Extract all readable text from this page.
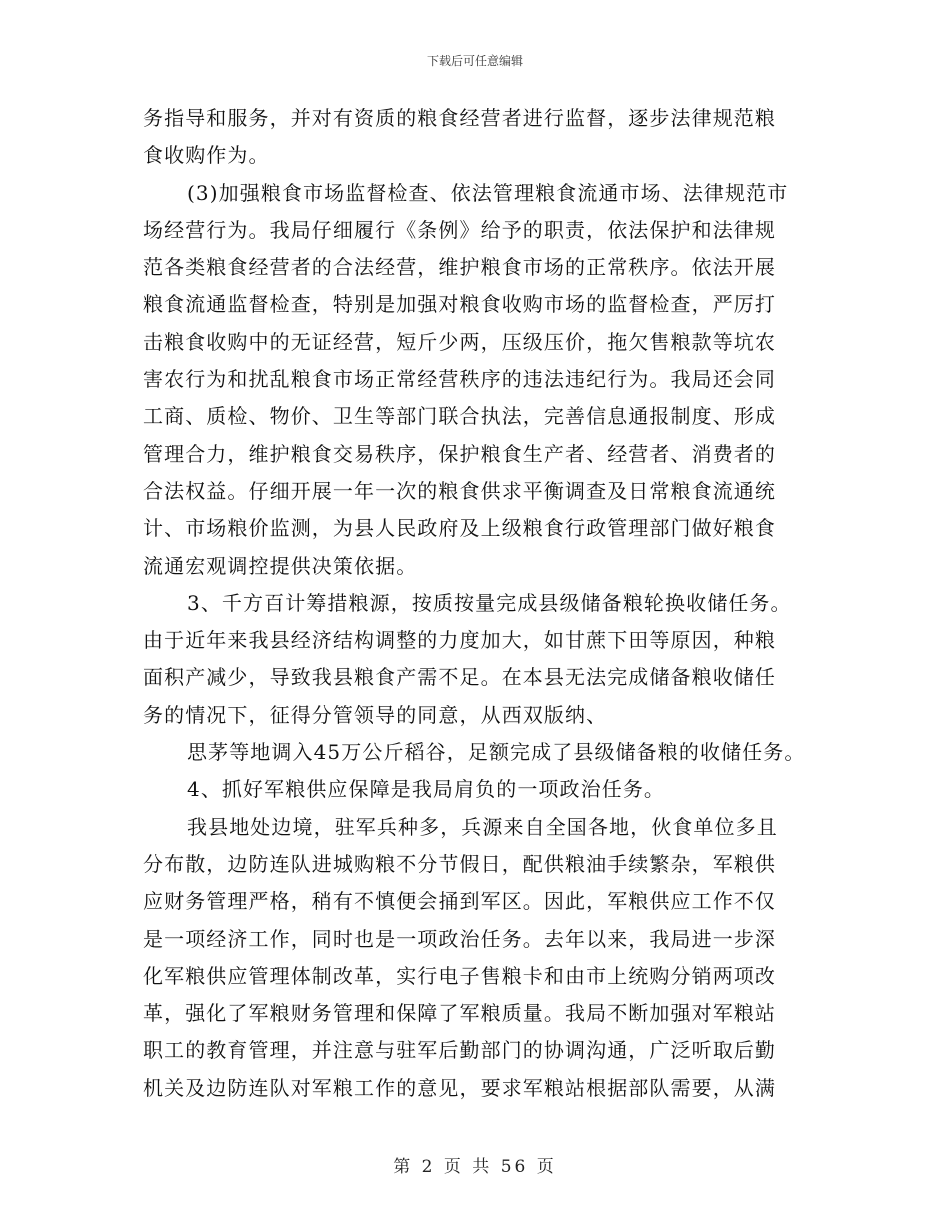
下载后可任意编辑
务指导和服务，并对有资质的粮食经营者进行监督，逐步法律规范粮
食收购作为。
(3)加强粮食市场监督检查、依法管理粮食流通市场、法律规范市
场经营行为。我局仔细履行《条例》给予的职责，依法保护和法律规
范各类粮食经营者的合法经营，维护粮食市场的正常秩序。依法开展
粮食流通监督检查，特别是加强对粮食收购市场的监督检查，严厉打
击粮食收购中的无证经营，短斤少两，压级压价，拖欠售粮款等坑农
害农行为和扰乱粮食市场正常经营秩序的违法违纪行为。我局还会同
工商、质检、物价、卫生等部门联合执法，完善信息通报制度、形成
管理合力，维护粮食交易秩序，保护粮食生产者、经营者、消费者的
合法权益。仔细开展一年一次的粮食供求平衡调查及日常粮食流通统
计、市场粮价监测，为县人民政府及上级粮食行政管理部门做好粮食
流通宏观调控提供决策依据。
3、千方百计筹措粮源，按质按量完成县级储备粮轮换收储任务。
由于近年来我县经济结构调整的力度加大，如甘蔗下田等原因，种粮
面积产减少，导致我县粮食产需不足。在本县无法完成储备粮收储任
务的情况下，征得分管领导的同意，从西双版纳、
思茅等地调入45万公斤稻谷，足额完成了县级储备粮的收储任务。
4、抓好军粮供应保障是我局肩负的一项政治任务。
我县地处边境，驻军兵种多，兵源来自全国各地，伙食单位多且
分布散，边防连队进城购粮不分节假日，配供粮油手续繁杂，军粮供
应财务管理严格，稍有不慎便会捅到军区。因此，军粮供应工作不仅
是一项经济工作，同时也是一项政治任务。去年以来，我局进一步深
化军粮供应管理体制改革，实行电子售粮卡和由市上统购分销两项改
革，强化了军粮财务管理和保障了军粮质量。我局不断加强对军粮站
职工的教育管理，并注意与驻军后勤部门的协调沟通，广泛听取后勤
机关及边防连队对军粮工作的意见，要求军粮站根据部队需要，从满
第 2 页 共 56 页
